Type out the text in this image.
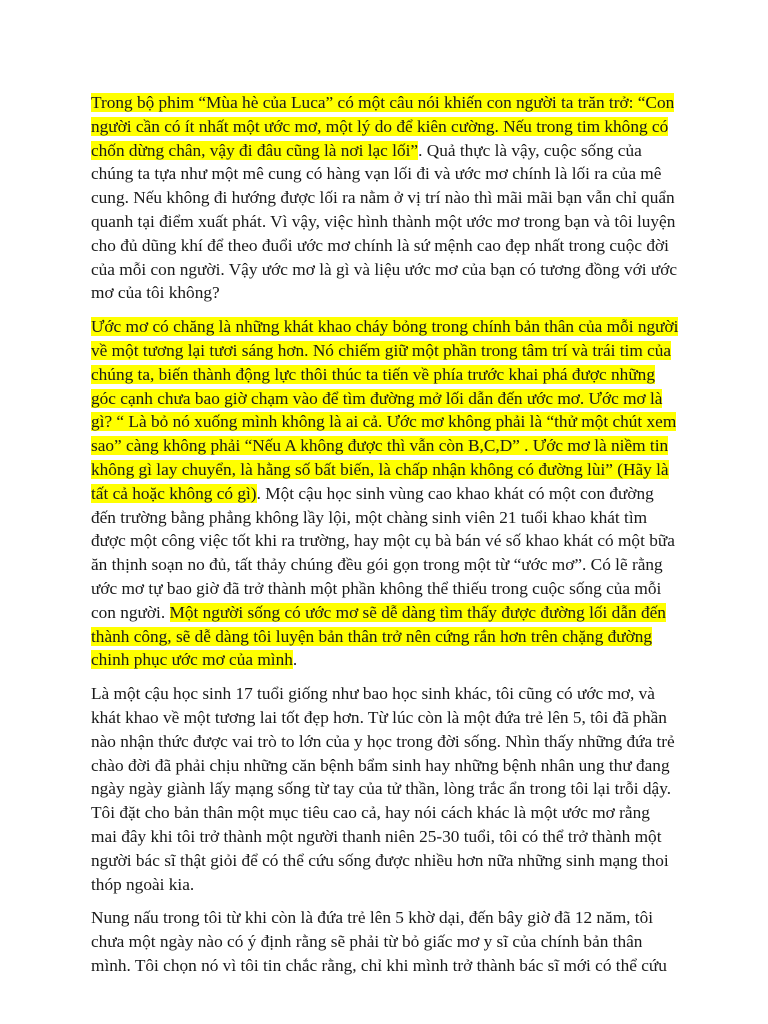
Trong bộ phim “Mùa hè của Luca” có một câu nói khiến con người ta trăn trở: “Con người cần có ít nhất một ước mơ, một lý do để kiên cường. Nếu trong tim không có chốn dừng chân, vậy đi đâu cũng là nơi lạc lối”. Quả thực là vậy, cuộc sống của chúng ta tựa như một mê cung có hàng vạn lối đi và ước mơ chính là lối ra của mê cung. Nếu không đi hướng được lối ra nằm ở vị trí nào thì mãi mãi bạn vẫn chỉ quẩn quanh tại điểm xuất phát. Vì vậy, việc hình thành một ước mơ trong bạn và tôi luyện cho đủ dũng khí để theo đuổi ước mơ chính là sứ mệnh cao đẹp nhất trong cuộc đời của mỗi con người. Vậy ước mơ là gì và liệu ước mơ của bạn có tương đồng với ước mơ của tôi không?

Ước mơ có chăng là những khát khao cháy bỏng trong chính bản thân của mỗi người về một tương lại tươi sáng hơn. Nó chiếm giữ một phần trong tâm trí và trái tim của chúng ta, biến thành động lực thôi thúc ta tiến về phía trước khai phá được những góc cạnh chưa bao giờ chạm vào để tìm đường mở lối dẫn đến ước mơ. Ước mơ là gì? “ Là bỏ nó xuống mình không là ai cả. Ước mơ không phải là “thử một chút xem sao” càng không phải “Nếu A không được thì vẫn còn B,C,D” . Ước mơ là niềm tin không gì lay chuyển, là hằng số bất biến, là chấp nhận không có đường lùi” (Hãy là tất cả hoặc không có gì). Một cậu học sinh vùng cao khao khát có một con đường đến trường bằng phẳng không lầy lội, một chàng sinh viên 21 tuổi khao khát tìm được một công việc tốt khi ra trường, hay một cụ bà bán vé số khao khát có một bữa ăn thịnh soạn no đủ, tất thảy chúng đều gói gọn trong một từ “ước mơ”. Có lẽ rằng ước mơ tự bao giờ đã trở thành một phần không thể thiếu trong cuộc sống của mỗi con người. Một người sống có ước mơ sẽ dễ dàng tìm thấy được đường lối dẫn đến thành công, sẽ dễ dàng tôi luyện bản thân trở nên cứng rắn hơn trên chặng đường chinh phục ước mơ của mình.

Là một cậu học sinh 17 tuổi giống như bao học sinh khác, tôi cũng có ước mơ, và khát khao về một tương lai tốt đẹp hơn. Từ lúc còn là một đứa trẻ lên 5, tôi đã phần nào nhận thức được vai trò to lớn của y học trong đời sống. Nhìn thấy những đứa trẻ chào đời đã phải chịu những căn bệnh bẩm sinh hay những bệnh nhân ung thư đang ngày ngày giành lấy mạng sống từ tay của tử thần, lòng trắc ẩn trong tôi lại trỗi dậy. Tôi đặt cho bản thân một mục tiêu cao cả, hay nói cách khác là một ước mơ rằng mai đây khi tôi trở thành một người thanh niên 25-30 tuổi, tôi có thể trở thành một người bác sĩ thật giỏi để có thể cứu sống được nhiều hơn nữa những sinh mạng thoi thóp ngoài kia.

Nung nấu trong tôi từ khi còn là đứa trẻ lên 5 khờ dại, đến bây giờ đã 12 năm, tôi chưa một ngày nào có ý định rằng sẽ phải từ bỏ giấc mơ y sĩ của chính bản thân mình. Tôi chọn nó vì tôi tin chắc rằng, chỉ khi mình trở thành bác sĩ mới có thể cứu
